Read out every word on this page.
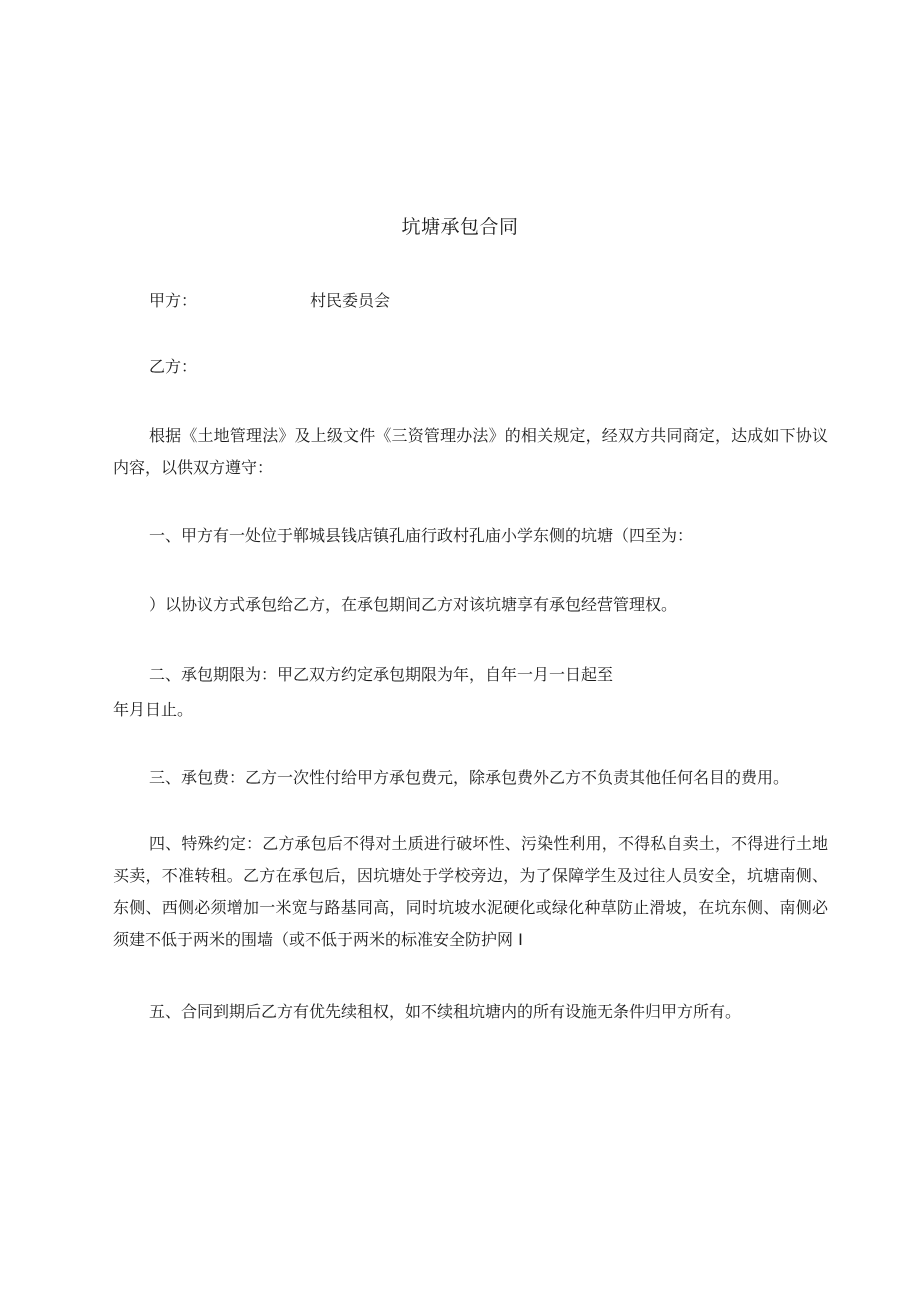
坑塘承包合同
甲方：	村民委员会
乙方：
根据《土地管理法》及上级文件《三资管理办法》的相关规定，经双方共同商定，达成如下协议内容，以供双方遵守：
一、甲方有一处位于郸城县钱店镇孔庙行政村孔庙小学东侧的坑塘（四至为：
）以协议方式承包给乙方，在承包期间乙方对该坑塘享有承包经营管理权。
二、承包期限为：甲乙双方约定承包期限为年，自年一月一日起至
年月日止。
三、承包费：乙方一次性付给甲方承包费元，除承包费外乙方不负责其他任何名目的费用。
四、特殊约定：乙方承包后不得对土质进行破坏性、污染性利用，不得私自卖土，不得进行土地买卖，不准转租。乙方在承包后，因坑塘处于学校旁边，为了保障学生及过往人员安全，坑塘南侧、东侧、西侧必须增加一米宽与路基同高，同时坑坡水泥硬化或绿化种草防止滑坡，在坑东侧、南侧必须建不低于两米的围墙（或不低于两米的标准安全防护网 I
五、合同到期后乙方有优先续租权，如不续租坑塘内的所有设施无条件归甲方所有。
